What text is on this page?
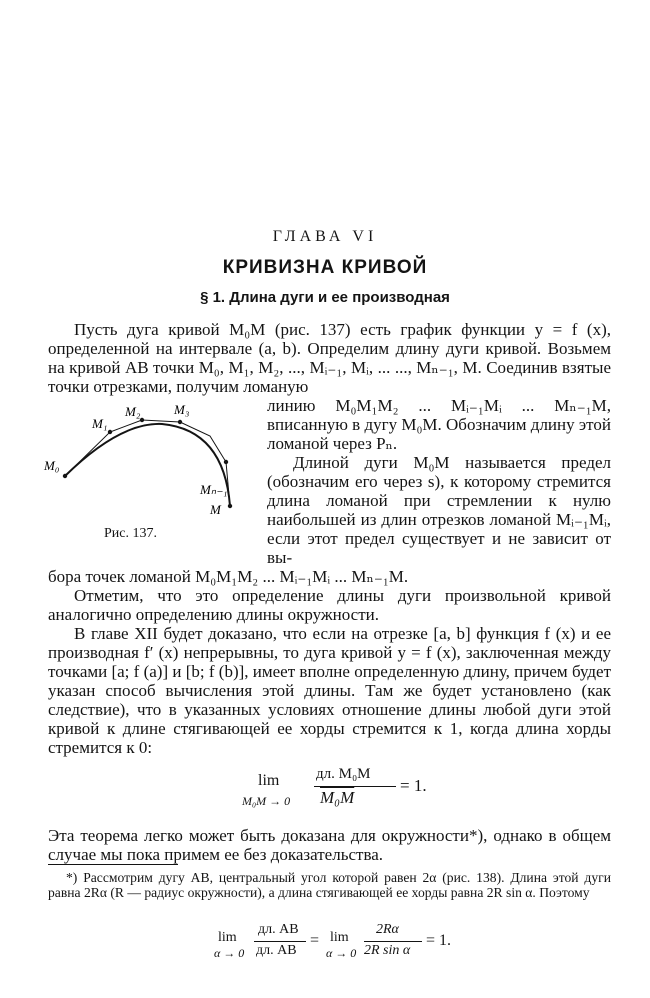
ГЛАВА VI
КРИВИЗНА КРИВОЙ
§ 1. Длина дуги и ее производная
Пусть дуга кривой M₀M (рис. 137) есть график функции y = f (x), определенной на интервале (a, b). Определим длину дуги кривой. Возьмем на кривой AB точки M₀, M₁, M₂, ..., Mᵢ₋₁, Mᵢ, ... ..., Mₙ₋₁, M. Соединив взятые точки отрезками, получим ломаную
линию M₀M₁M₂ ... Mᵢ₋₁Mᵢ ... Mₙ₋₁M, вписанную в дугу M₀M. Обозначим длину этой ломаной через Pₙ.
Длиной дуги M₀M называется предел (обозначим его через s), к которому стремится длина ломаной при стремлении к нулю наибольшей из длин отрезков ломаной Mᵢ₋₁Mᵢ, если этот предел существует и не зависит от вы-
бора точек ломаной M₀M₁M₂ ... Mᵢ₋₁Mᵢ ... Mₙ₋₁M.
M₀
M₁
M₂	M₃
Mₙ₋₁
M
Рис. 137.
Отметим, что это определение длины дуги произвольной кривой аналогично определению длины окружности.
В главе XII будет доказано, что если на отрезке [a, b] функция f (x) и ее производная f′ (x) непрерывны, то дуга кривой y = f (x), заключенная между точками [a; f (a)] и [b; f (b)], имеет вполне определенную длину, причем будет указан способ вычисления этой длины. Там же будет установлено (как следствие), что в указанных условиях отношение длины любой дуги этой кривой к длине стягивающей ее хорды стремится к 1, когда длина хорды стремится к 0:
lim
M₀M → 0
дл. M₀M
M₀M
= 1.
Эта теорема легко может быть доказана для окружности*), однако в общем случае мы пока примем ее без доказательства.
*) Рассмотрим дугу AB, центральный угол которой равен 2α (рис. 138). Длина этой дуги равна 2Rα (R — радиус окружности), а длина стягивающей ее хорды равна 2R sin α. Поэтому
lim
α → 0
дл. AB
дл. AB
= lim
α → 0
2Rα
2R sin α
= 1.
